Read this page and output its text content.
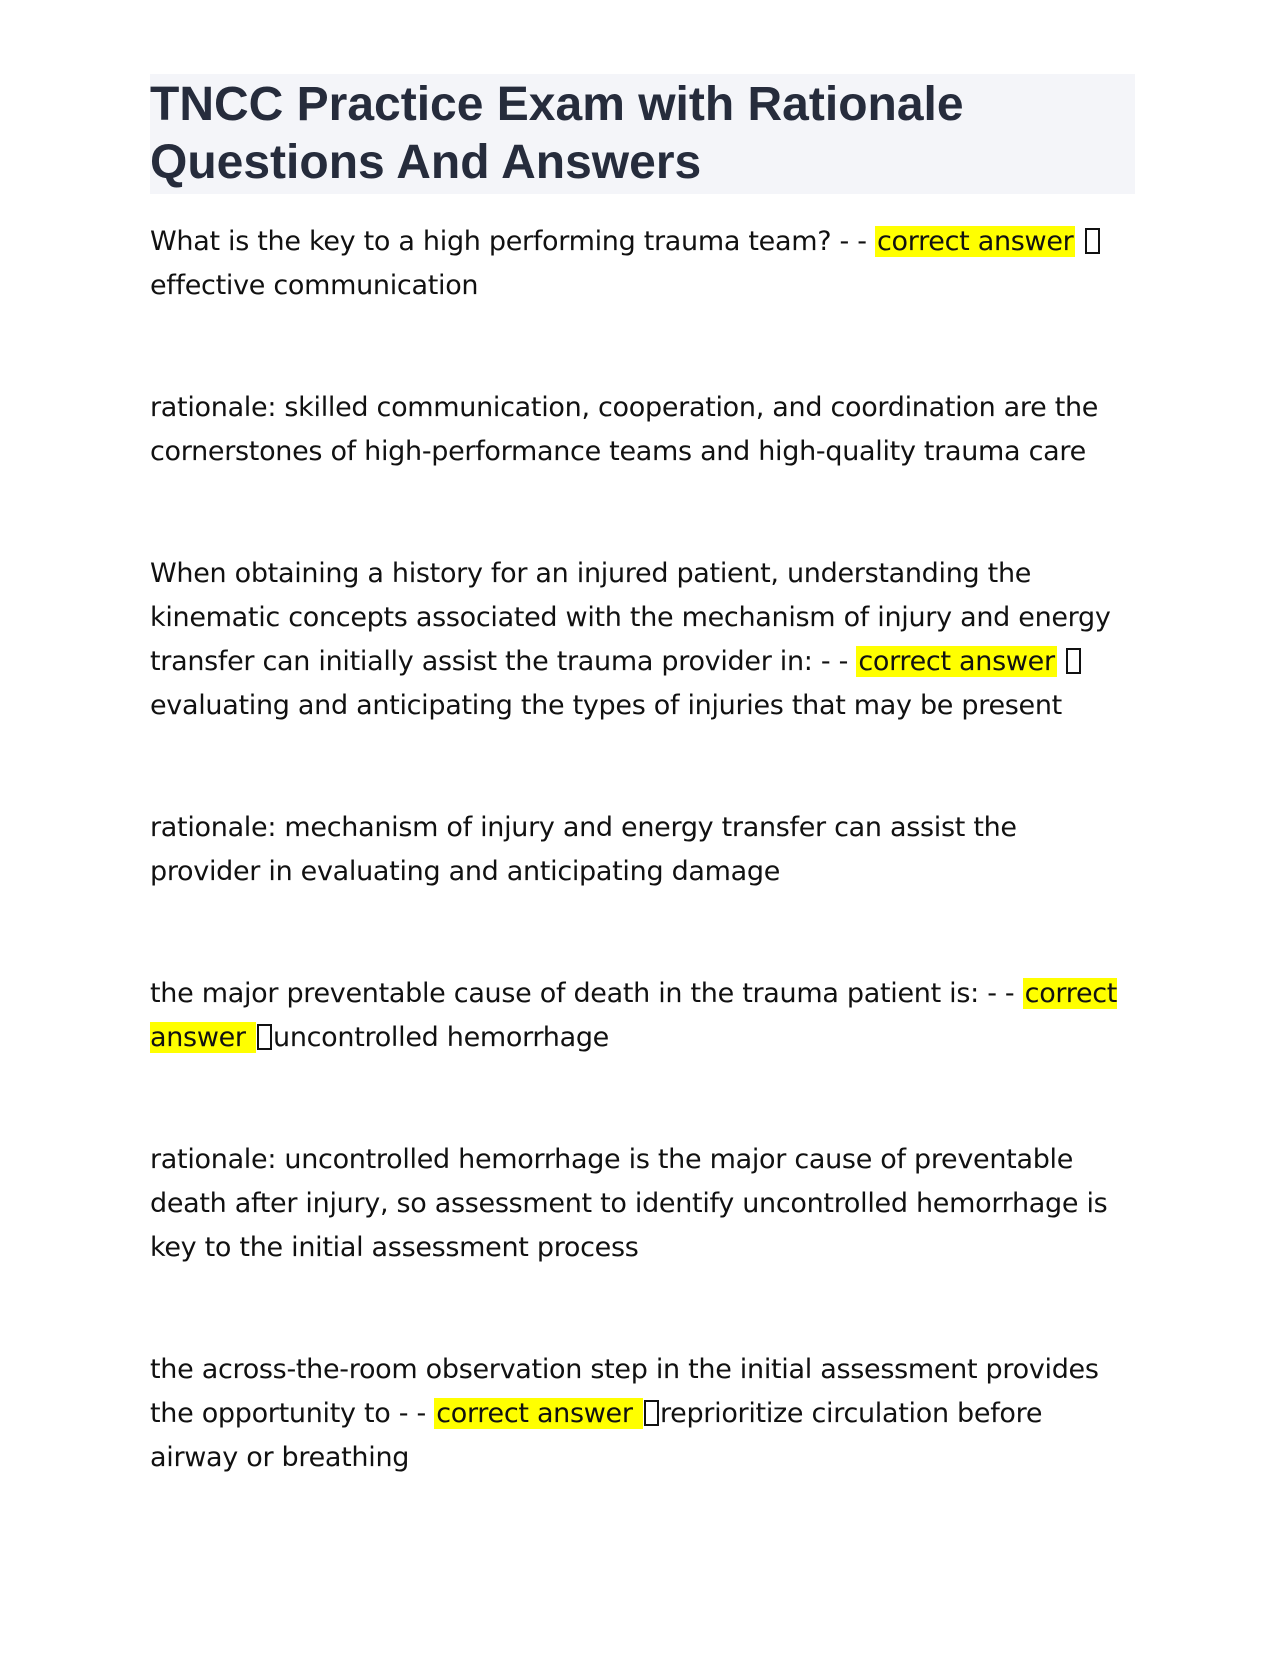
TNCC Practice Exam with Rationale Questions And Answers

What is the key to a high performing trauma team? - - correct answer effective communication

rationale: skilled communication, cooperation, and coordination are the cornerstones of high-performance teams and high-quality trauma care

When obtaining a history for an injured patient, understanding the kinematic concepts associated with the mechanism of injury and energy transfer can initially assist the trauma provider in: - - correct answer evaluating and anticipating the types of injuries that may be present

rationale: mechanism of injury and energy transfer can assist the provider in evaluating and anticipating damage

the major preventable cause of death in the trauma patient is: - - correct answer uncontrolled hemorrhage

rationale: uncontrolled hemorrhage is the major cause of preventable death after injury, so assessment to identify uncontrolled hemorrhage is key to the initial assessment process

the across-the-room observation step in the initial assessment provides the opportunity to - - correct answer reprioritize circulation before airway or breathing
